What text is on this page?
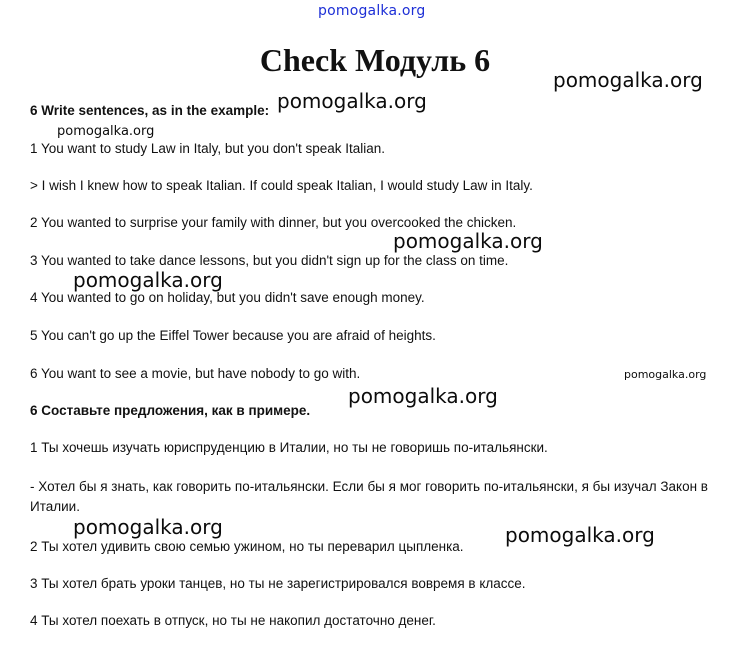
pomogalka.org
Check Модуль 6

6 Write sentences, as in the example:

1 You want to study Law in Italy, but you don't speak Italian.

> I wish I knew how to speak Italian. If could speak Italian, I would study Law in Italy.

2 You wanted to surprise your family with dinner, but you overcooked the chicken.

3 You wanted to take dance lessons, but you didn't sign up for the class on time.

4 You wanted to go on holiday, but you didn't save enough money.

5 You can't go up the Eiffel Tower because you are afraid of heights.

6 You want to see a movie, but have nobody to go with.

6 Составьте предложения, как в примере.

1 Ты хочешь изучать юриспруденцию в Италии, но ты не говоришь по-итальянски.

- Хотел бы я знать, как говорить по-итальянски. Если бы я мог говорить по-итальянски, я бы изучал Закон в Италии.

2 Ты хотел удивить свою семью ужином, но ты переварил цыпленка.

3 Ты хотел брать уроки танцев, но ты не зарегистрировался вовремя в классе.

4 Ты хотел поехать в отпуск, но ты не накопил достаточно денег.

pomogalka.org
pomogalka.org
pomogalka.org
pomogalka.org
pomogalka.org
pomogalka.org
pomogalka.org
pomogalka.org	pomogalka.org
